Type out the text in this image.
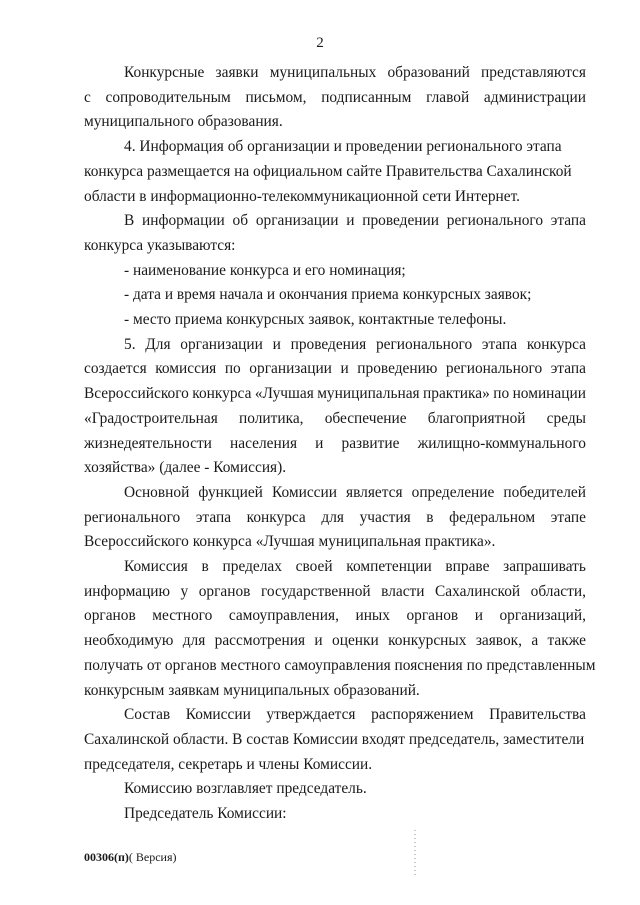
2
Конкурсные заявки муниципальных образований представляются
с сопроводительным письмом, подписанным главой администрации
муниципального образования.
4. Информация об организации и проведении регионального этапа
конкурса размещается на официальном сайте Правительства Сахалинской
области в информационно-телекоммуникационной сети Интернет.
В информации об организации и проведении регионального этапа
конкурса указываются:

- наименование конкурса и его номинация;

- дата и время начала и окончания приема конкурсных заявок;

- место приема конкурсных заявок, контактные телефоны.

5. Для организации и проведения регионального этапа конкурса
создается комиссия по организации и проведению регионального этапа
Всероссийского конкурса «Лучшая муниципальная практика» по номинации
«Градостроительная политика, обеспечение благоприятной среды
жизнедеятельности населения и развитие жилищно-коммунального
хозяйства» (далее - Комиссия).
Основной функцией Комиссии является определение победителей
регионального этапа конкурса для участия в федеральном этапе
Всероссийского конкурса «Лучшая муниципальная практика».
Комиссия в пределах своей компетенции вправе запрашивать
информацию у органов государственной власти Сахалинской области,
органов местного самоуправления, иных органов и организаций,
необходимую для рассмотрения и оценки конкурсных заявок, а также
получать от органов местного самоуправления пояснения по представленным
конкурсным заявкам муниципальных образований.
Состав Комиссии утверждается распоряжением Правительства
Сахалинской области. В состав Комиссии входят председатель, заместители
председателя, секретарь и члены Комиссии.
Комиссию возглавляет председатель.
Председатель Комиссии:
00306(п)( Версия)
